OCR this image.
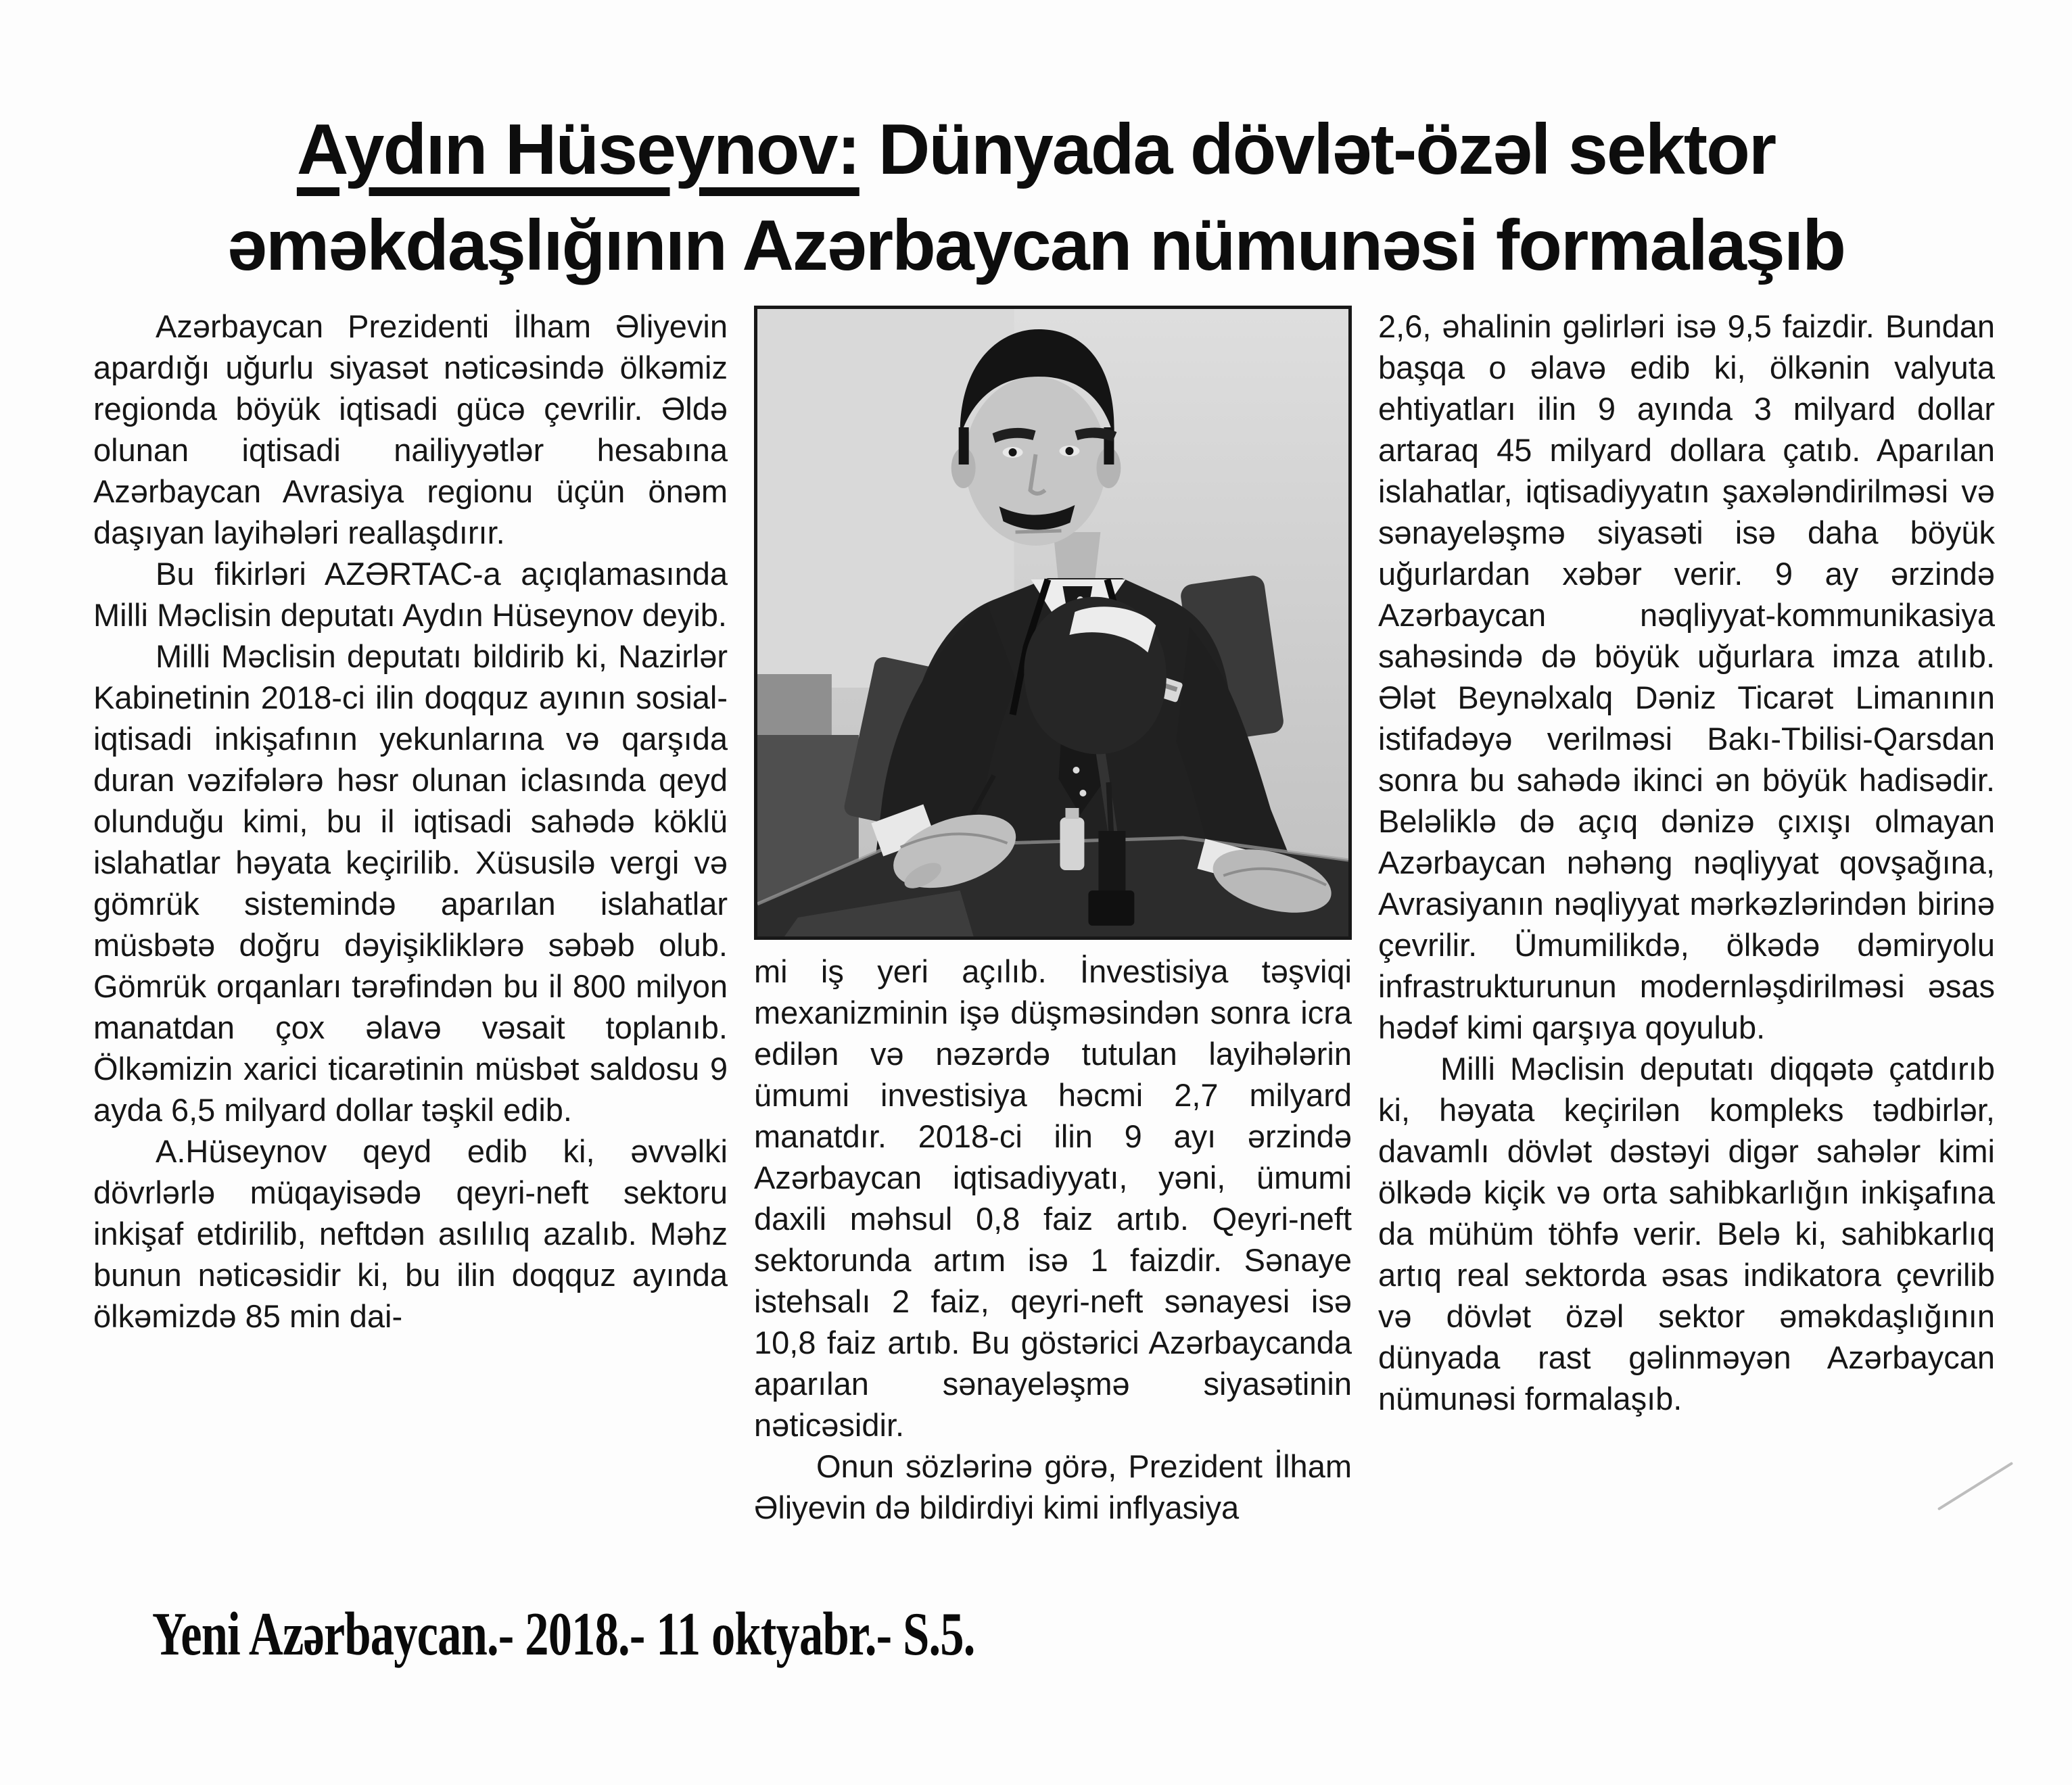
Aydın Hüseynov: Dünyada dövlət-özəl sektor
əməkdaşlığının Azərbaycan nümunəsi formalaşıb

Azərbaycan Prezidenti İlham Əliyevin apardığı uğurlu siyasət nəticəsində ölkəmiz regionda böyük iqtisadi gücə çevrilir. Əldə olunan iqtisadi nailiyyətlər hesabına Azərbaycan Avrasiya regionu üçün önəm daşıyan layihələri reallaşdırır.

Bu fikirləri AZƏRTAC-a açıqlamasında Milli Məclisin deputatı Aydın Hüseynov deyib.

Milli Məclisin deputatı bildirib ki, Nazirlər Kabinetinin 2018-ci ilin doqquz ayının sosial-iqtisadi inkişafının yekunlarına və qarşıda duran vəzifələrə həsr olunan iclasında qeyd olunduğu kimi, bu il iqtisadi sahədə köklü islahatlar həyata keçirilib. Xüsusilə vergi və gömrük sistemində aparılan islahatlar müsbətə doğru dəyişikliklərə səbəb olub. Gömrük orqanları tərəfindən bu il 800 milyon manatdan çox əlavə vəsait toplanıb. Ölkəmizin xarici ticarətinin müsbət saldosu 9 ayda 6,5 milyard dollar təşkil edib.

A.Hüseynov qeyd edib ki, əvvəlki dövrlərlə müqayisədə qeyri-neft sektoru inkişaf etdirilib, neftdən asılılıq azalıb. Məhz bunun nəticəsidir ki, bu ilin doqquz ayında ölkəmizdə 85 min dai-

mi iş yeri açılıb. İnvestisiya təşviqi mexanizminin işə düşməsindən sonra icra edilən və nəzərdə tutulan layihələrin ümumi investisiya həcmi 2,7 milyard manatdır. 2018-ci ilin 9 ayı ərzində Azərbaycan iqtisadiyyatı, yəni, ümumi daxili məhsul 0,8 faiz artıb. Qeyri-neft sektorunda artım isə 1 faizdir. Sənaye istehsalı 2 faiz, qeyri-neft sənayesi isə 10,8 faiz artıb. Bu göstərici Azərbaycanda aparılan sənayeləşmə siyasətinin nəticəsidir.

Onun sözlərinə görə, Prezident İlham Əliyevin də bildirdiyi kimi inflyasiya

2,6, əhalinin gəlirləri isə 9,5 faizdir. Bundan başqa o əlavə edib ki, ölkənin valyuta ehtiyatları ilin 9 ayında 3 milyard dollar artaraq 45 milyard dollara çatıb. Aparılan islahatlar, iqtisadiyyatın şaxələndirilməsi və sənayeləşmə siyasəti isə daha böyük uğurlardan xəbər verir. 9 ay ərzində Azərbaycan nəqliyyat-kommunikasiya sahəsində də böyük uğurlara imza atılıb. Ələt Beynəlxalq Dəniz Ticarət Limanının istifadəyə verilməsi Bakı-Tbilisi-Qarsdan sonra bu sahədə ikinci ən böyük hadisədir. Beləliklə də açıq dənizə çıxışı olmayan Azərbaycan nəhəng nəqliyyat qovşağına, Avrasiyanın nəqliyyat mərkəzlərindən birinə çevrilir. Ümumilikdə, ölkədə dəmiryolu infrastrukturunun modernləşdirilməsi əsas hədəf kimi qarşıya qoyulub.

Milli Məclisin deputatı diqqətə çatdırıb ki, həyata keçirilən kompleks tədbirlər, davamlı dövlət dəstəyi digər sahələr kimi ölkədə kiçik və orta sahibkarlığın inkişafına da mühüm töhfə verir. Belə ki, sahibkarlıq artıq real sektorda əsas indikatora çevrilib və dövlət özəl sektor əməkdaşlığının dünyada rast gəlinməyən Azərbaycan nümunəsi formalaşıb.

Yeni Azərbaycan.- 2018.- 11 oktyabr.- S.5.
